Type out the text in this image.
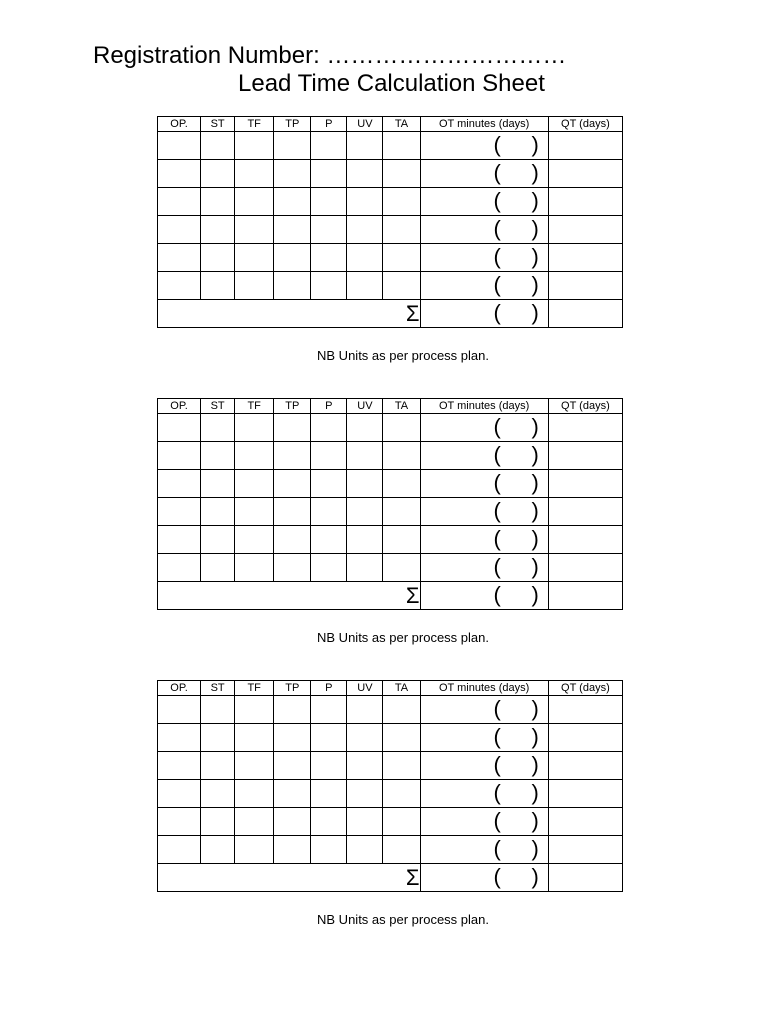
Registration Number: …………………………
Lead Time Calculation Sheet
OP.	ST	TF	TP	P	UV	TA	OT minutes (days)	QT (days)

							( )	

							( )	

							( )	

							( )	

							( )	

							( )	

Σ							( )	

NB Units as per process plan.
OP.	ST	TF	TP	P	UV	TA	OT minutes (days)	QT (days)

							( )	

							( )	

							( )	

							( )	

							( )	

							( )	

Σ							( )	

NB Units as per process plan.
OP.	ST	TF	TP	P	UV	TA	OT minutes (days)	QT (days)

							( )	

							( )	

							( )	

							( )	

							( )	

							( )	

Σ							( )	

NB Units as per process plan.
